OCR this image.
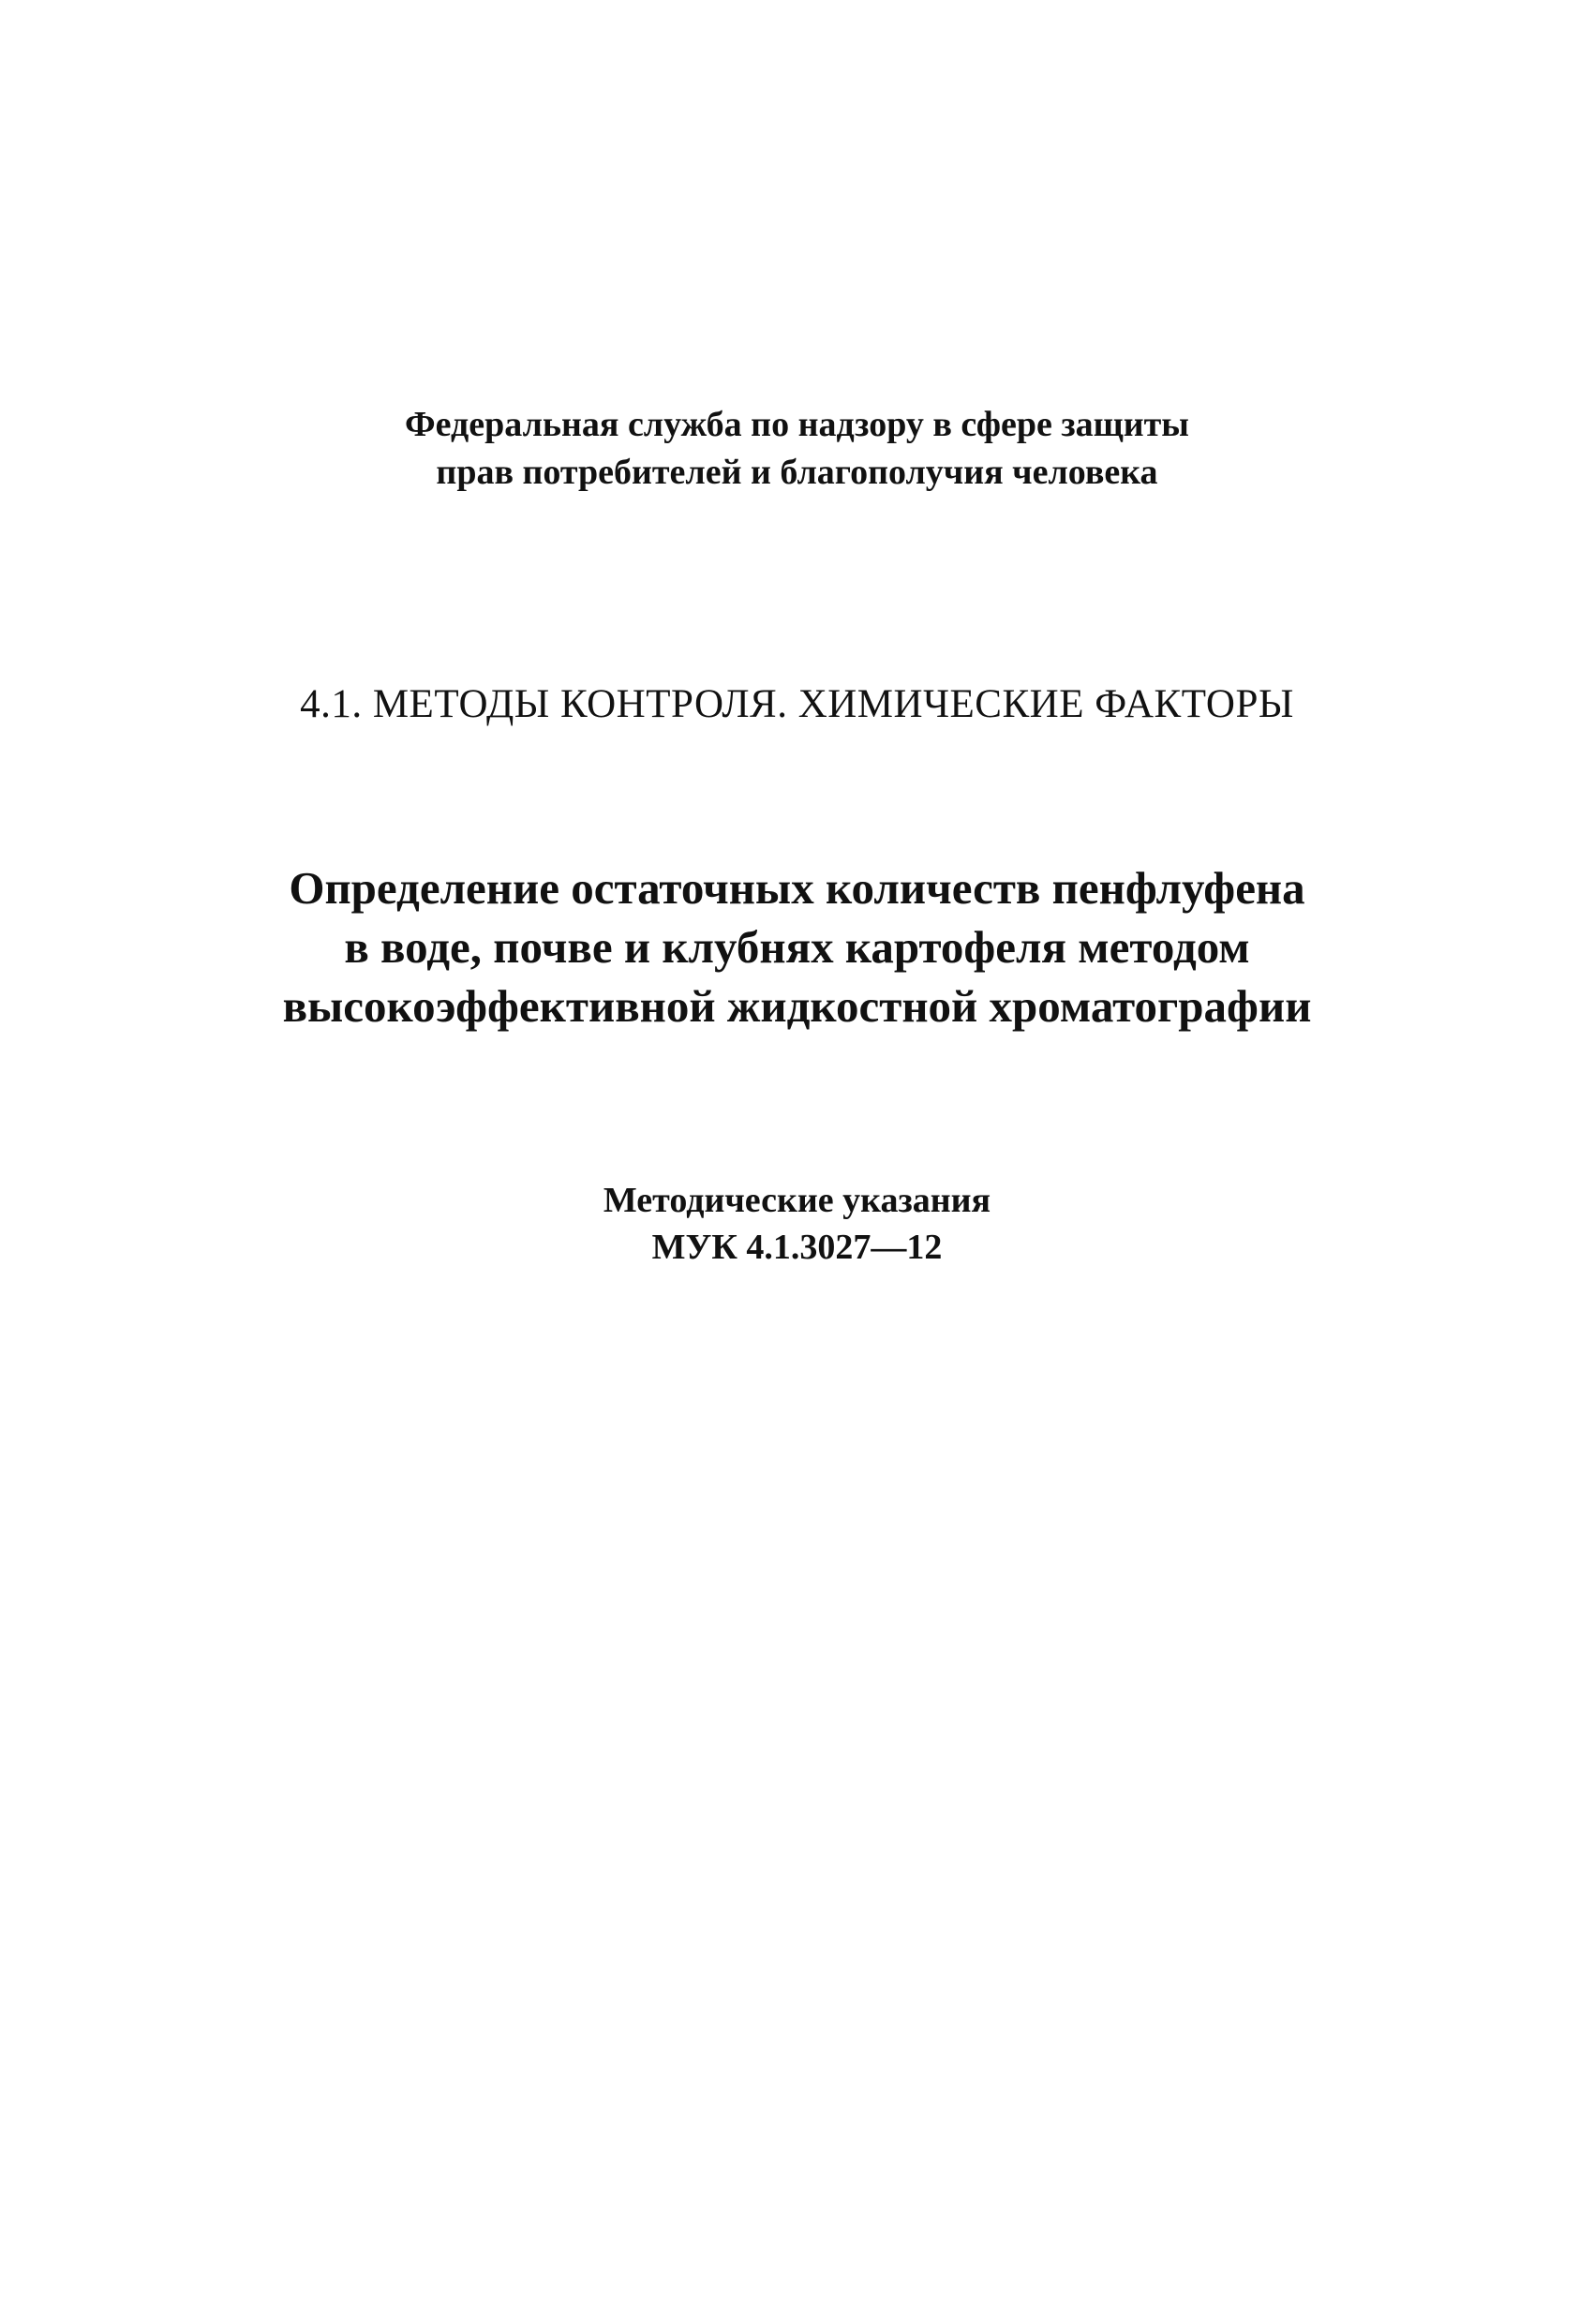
Федеральная служба по надзору в сфере защиты
прав потребителей и благополучия человека
4.1. МЕТОДЫ КОНТРОЛЯ. ХИМИЧЕСКИЕ ФАКТОРЫ
Определение остаточных количеств пенфлуфена
в воде, почве и клубнях картофеля методом
высокоэффективной жидкостной хроматографии
Методические указания
МУК 4.1.3027—12
